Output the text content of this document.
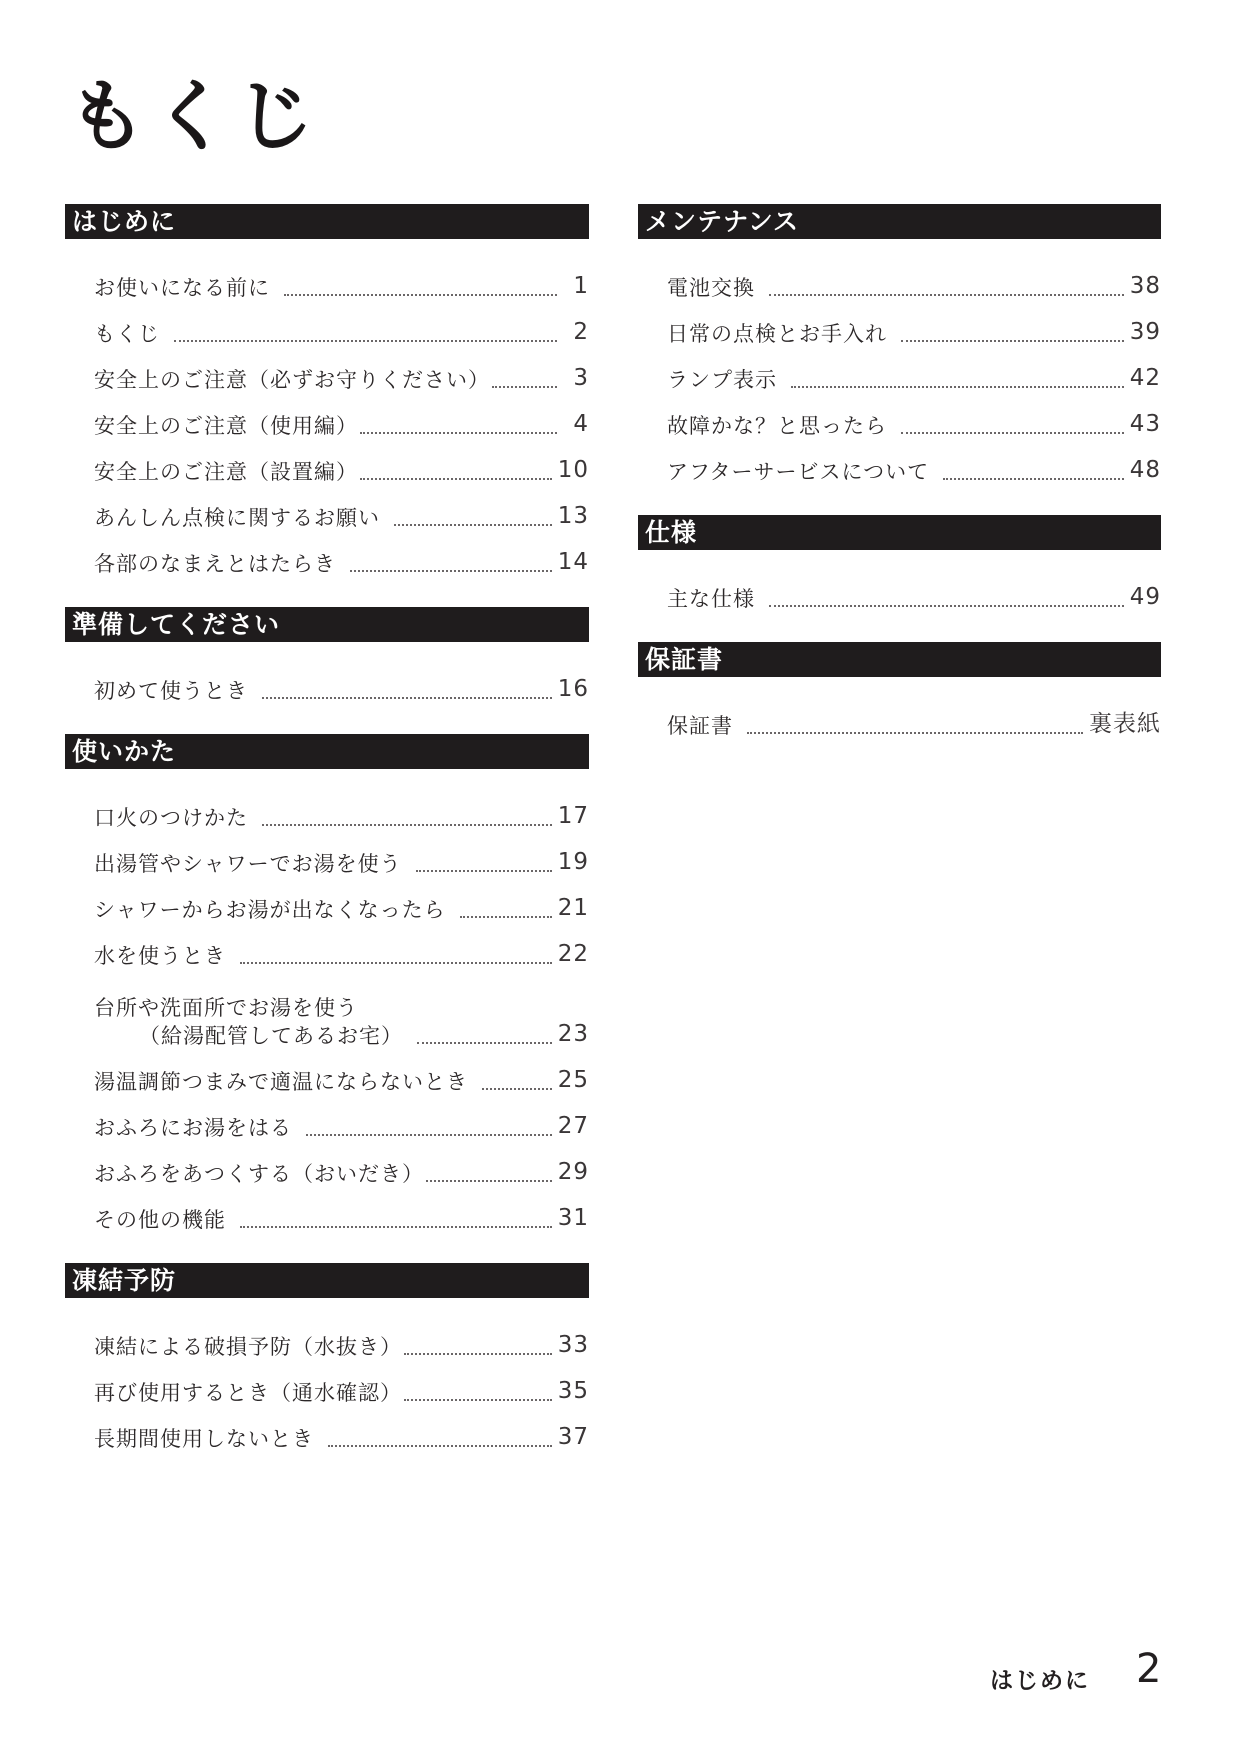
もくじ
はじめに
お使いになる前に	1
もくじ	2
安全上のご注意（必ずお守りください）	3
安全上のご注意（使用編）	4
安全上のご注意（設置編）	10
あんしん点検に関するお願い	13
各部のなまえとはたらき	14
準備してください
初めて使うとき	16
使いかた
口火のつけかた	17
出湯管やシャワーでお湯を使う	19
シャワーからお湯が出なくなったら	21
水を使うとき	22
台所や洗面所でお湯を使う
（給湯配管してあるお宅）	23
湯温調節つまみで適温にならないとき	25
おふろにお湯をはる	27
おふろをあつくする（おいだき）	29
その他の機能	31
凍結予防
凍結による破損予防（水抜き）	33
再び使用するとき（通水確認）	35
長期間使用しないとき	37
メンテナンス
電池交換	38
日常の点検とお手入れ	39
ランプ表示	42
故障かな？と思ったら	43
アフターサービスについて	48
仕様
主な仕様	49
保証書
保証書	裏表紙
はじめに 2
